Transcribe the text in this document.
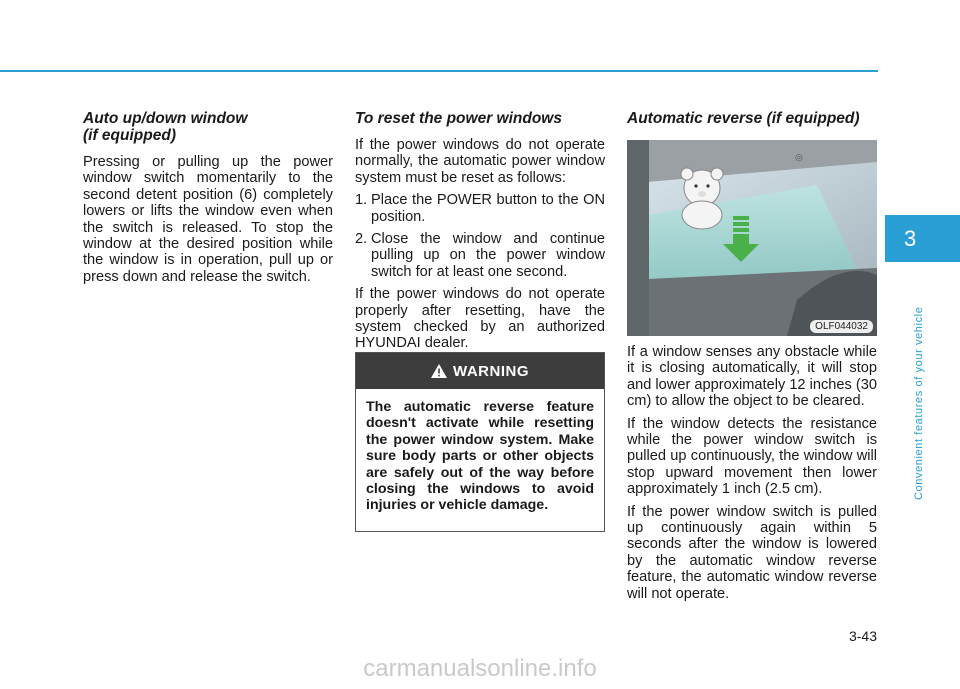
Auto up/down window
(if equipped)

Pressing or pulling up the power window switch momentarily to the second detent position (6) completely lowers or lifts the window even when the switch is released. To stop the window at the desired position while the window is in operation, pull up or press down and release the switch.

To reset the power windows

If the power windows do not operate normally, the automatic power window system must be reset as follows:

1. Place the POWER button to the ON position.
2. Close the window and continue pulling up on the power window switch for at least one second.

If the power windows do not operate properly after resetting, have the system checked by an authorized HYUNDAI dealer.

WARNING
The automatic reverse feature doesn't activate while resetting the power window system. Make sure body parts or other objects are safely out of the way before closing the windows to avoid injuries or vehicle damage.
Automatic reverse (if equipped)
◎
OLF044032

If a window senses any obstacle while it is closing automatically, it will stop and lower approximately 12 inches (30 cm) to allow the object to be cleared.

If the window detects the resistance while the power window switch is pulled up continuously, the window will stop upward movement then lower approximately 1 inch (2.5 cm).

If the power window switch is pulled up continuously again within 5 seconds after the window is lowered by the automatic window reverse feature, the automatic window reverse will not operate.

3
Convenient features of your vehicle
3-43
carmanualsonline.info
